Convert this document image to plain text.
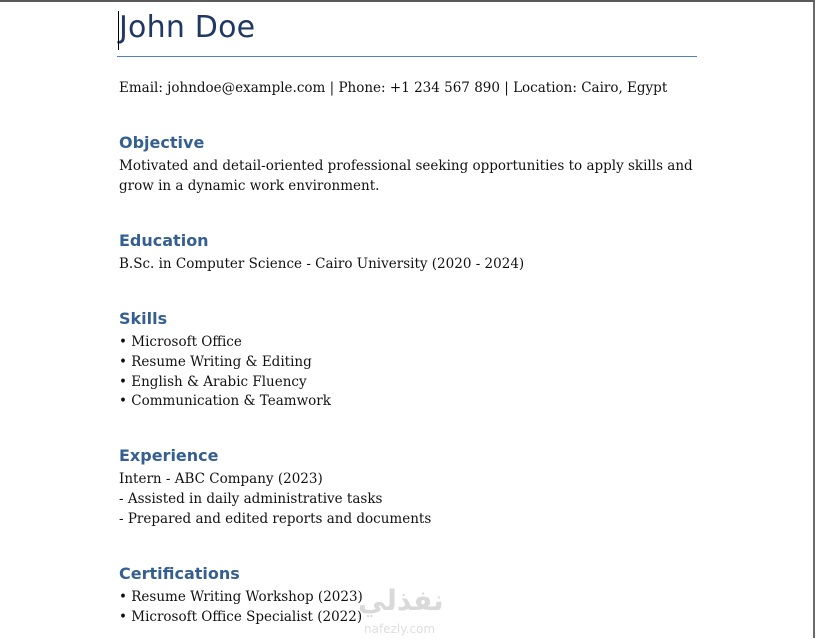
John Doe
Email: johndoe@example.com | Phone: +1 234 567 890 | Location: Cairo, Egypt
Objective
Motivated and detail-oriented professional seeking opportunities to apply skills and grow in a dynamic work environment.
Education
B.Sc. in Computer Science - Cairo University (2020 - 2024)
Skills
• Microsoft Office
• Resume Writing & Editing
• English & Arabic Fluency
• Communication & Teamwork
Experience
Intern - ABC Company (2023)
- Assisted in daily administrative tasks
- Prepared and edited reports and documents
Certifications
• Resume Writing Workshop (2023)
• Microsoft Office Specialist (2022)
نفذلي
nafezly.com
